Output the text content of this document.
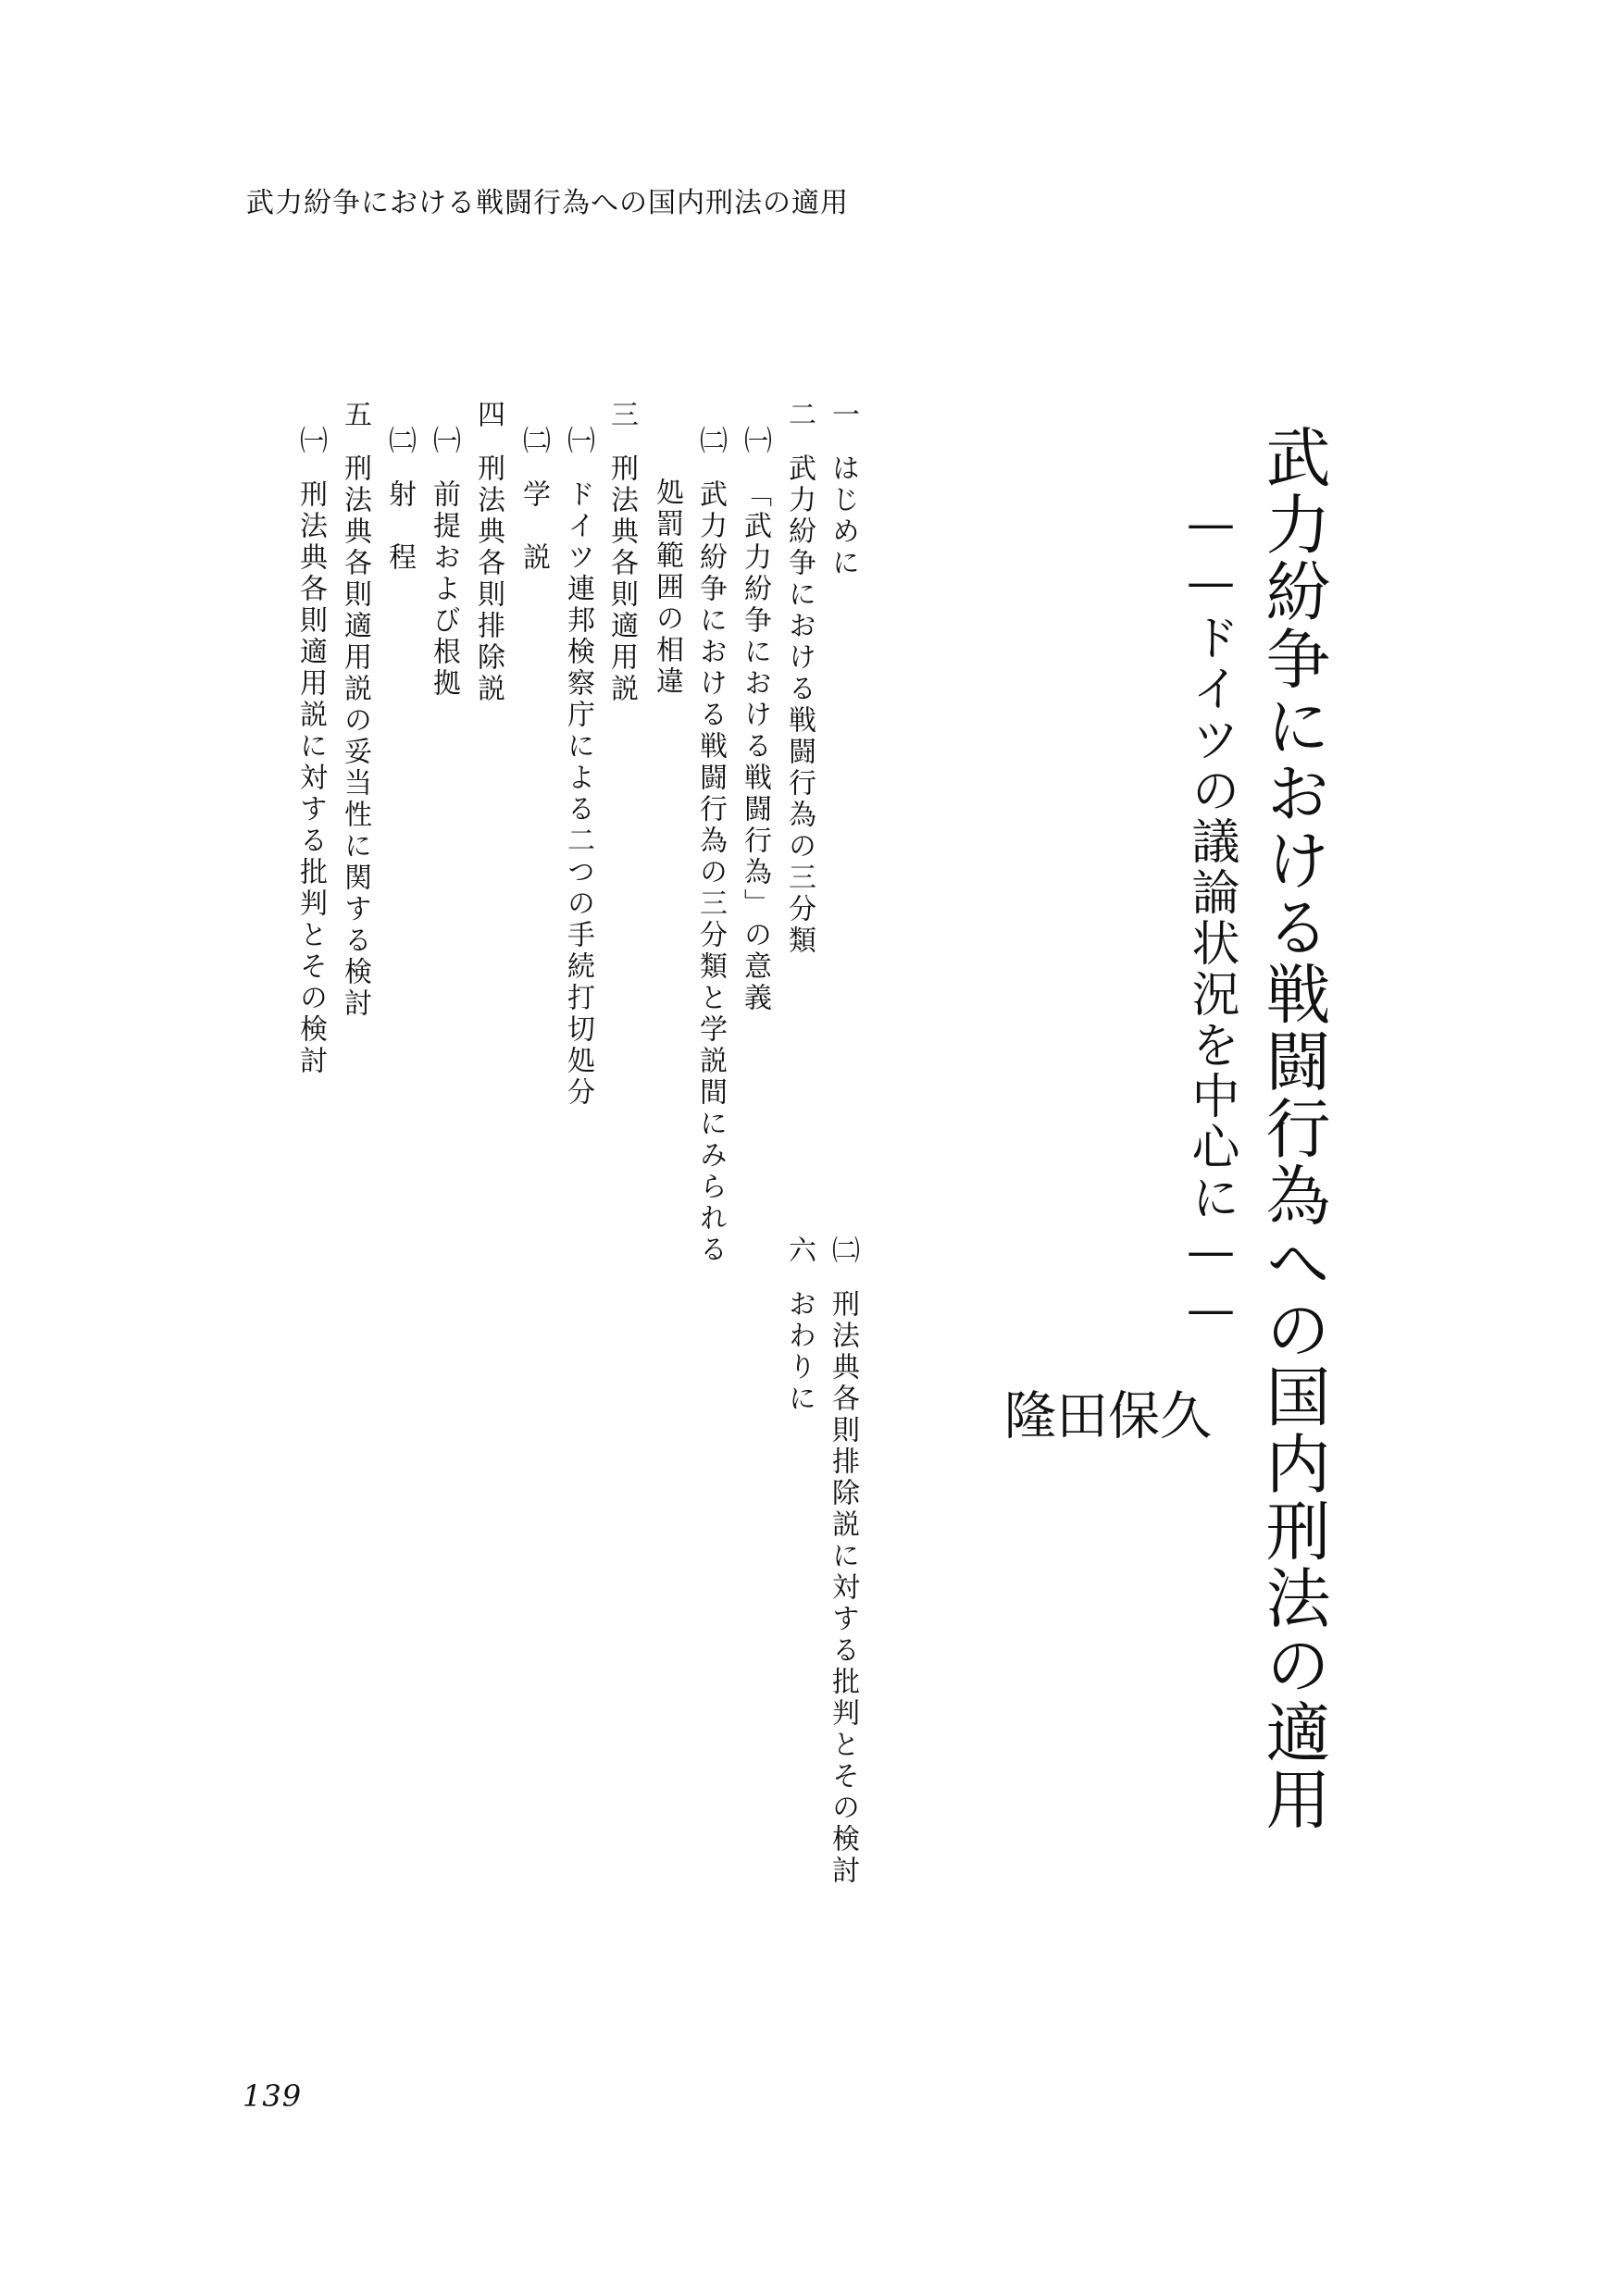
武力紛争における戦闘行為への国内刑法の適用
武力紛争における戦闘行為への国内刑法の適用
——ドイツの議論状況を中心に——
久
保
田
隆
一はじめに
㈡刑法典各則排除説に対する批判とその検討
二武力紛争における戦闘行為の三分類
六おわりに
㈠「武力紛争における戦闘行為」の意義
㈡武力紛争における戦闘行為の三分類と学説間にみられる
処罰範囲の相違
三刑法典各則適用説
㈠ドイツ連邦検察庁による二つの手続打切処分
㈡学　説
四刑法典各則排除説
㈠前提および根拠
㈡射　程
五刑法典各則適用説の妥当性に関する検討
㈠刑法典各則適用説に対する批判とその検討
139
